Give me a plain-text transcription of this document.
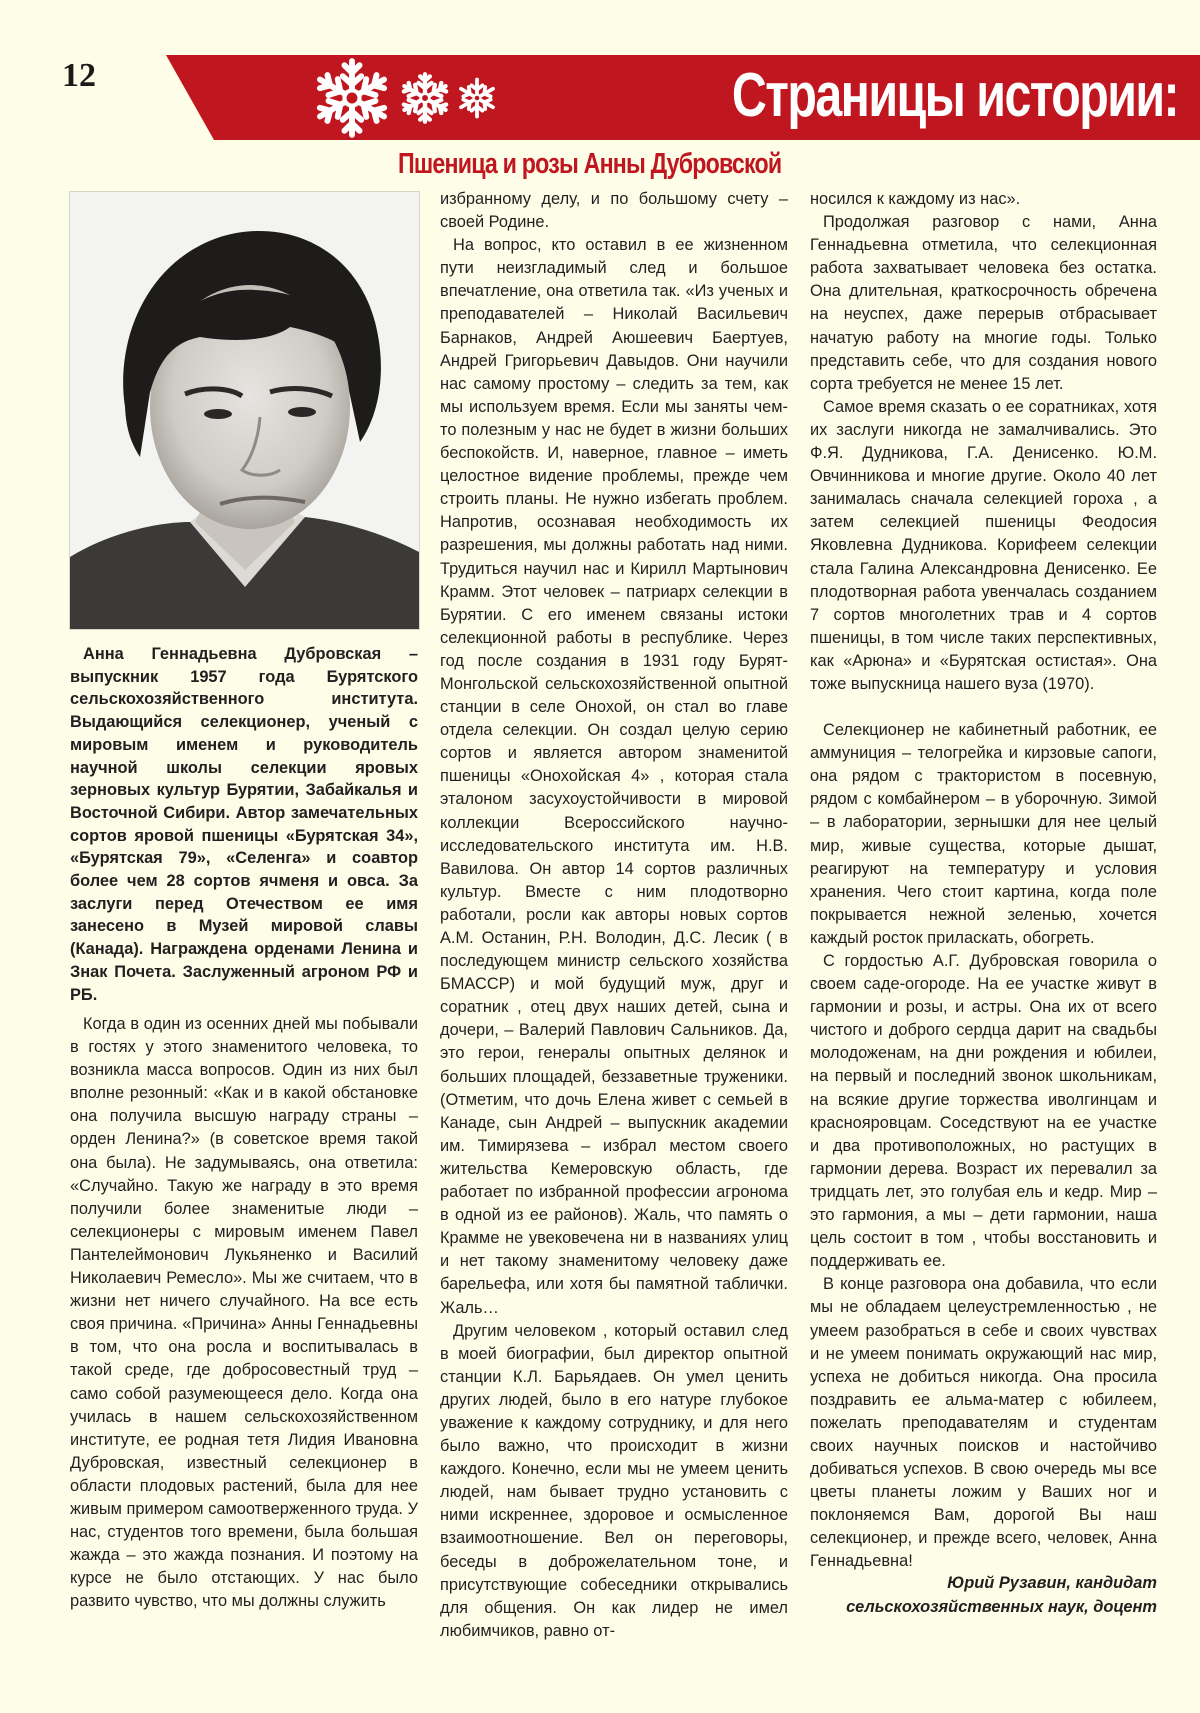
12	Страницы истории:
Пшеница и розы Анны Дубровской

Анна Геннадьевна Дубровская – выпускник 1957 года Бурятского сельскохозяйственного института. Выдающийся селекционер, ученый с мировым именем и руководитель научной школы селекции яровых зерновых культур Бурятии, Забайкалья и Восточной Сибири. Автор замечательных сортов яровой пшеницы «Бурятская 34», «Бурятская 79», «Селенга» и соавтор более чем 28 сортов ячменя и овса. За заслуги перед Отечеством ее имя занесено в Музей мировой славы (Канада). Награждена орденами Ленина и Знак Почета. Заслуженный агроном РФ и РБ.

Когда в один из осенних дней мы побывали в гостях у этого знаменитого человека, то возникла масса вопросов. Один из них был вполне резонный: «Как и в какой обстановке она получила высшую награду страны – орден Ленина?» (в советское время такой она была). Не задумываясь, она ответила: «Случайно. Такую же награду в это время получили более знаменитые люди – селекционеры с мировым именем Павел Пантелеймонович Лукьяненко и Василий Николаевич Ремесло». Мы же считаем, что в жизни нет ничего случайного. На все есть своя причина. «Причина» Анны Геннадьевны в том, что она росла и воспитывалась в такой среде, где добросовестный труд – само собой разумеющееся дело. Когда она училась в нашем сельскохозяйственном институте, ее родная тетя Лидия Ивановна Дубровская, известный селекционер в области плодовых растений, была для нее живым примером самоотверженного труда. У нас, студентов того времени, была большая жажда – это жажда познания. И поэтому на курсе не было отстающих. У нас было развито чувство, что мы должны служить

избранному делу, и по большому счету – своей Родине.

На вопрос, кто оставил в ее жизненном пути неизгладимый след и большое впечатление, она ответила так. «Из ученых и преподавателей – Николай Васильевич Барнаков, Андрей Аюшеевич Баертуев, Андрей Григорьевич Давыдов. Они научили нас самому простому – следить за тем, как мы используем время. Если мы заняты чем-то полезным у нас не будет в жизни больших беспокойств. И, наверное, главное – иметь целостное видение проблемы, прежде чем строить планы. Не нужно избегать проблем. Напротив, осознавая необходимость их разрешения, мы должны работать над ними. Трудиться научил нас и Кирилл Мартынович Крамм. Этот человек – патриарх селекции в Бурятии. С его именем связаны истоки селекционной работы в республике. Через год после создания в 1931 году Бурят-Монгольской сельскохозяйственной опытной станции в селе Онохой, он стал во главе отдела селекции. Он создал целую серию сортов и является автором знаменитой пшеницы «Онохойская 4» , которая стала эталоном засухоустойчивости в мировой коллекции Всероссийского научно-исследовательского института им. Н.В. Вавилова. Он автор 14 сортов различных культур. Вместе с ним плодотворно работали, росли как авторы новых сортов А.М. Останин, Р.Н. Володин, Д.С. Лесик ( в последующем министр сельского хозяйства БМАССР) и мой будущий муж, друг и соратник , отец двух наших детей, сына и дочери, – Валерий Павлович Сальников. Да, это герои, генералы опытных делянок и больших площадей, беззаветные труженики. (Отметим, что дочь Елена живет с семьей в Канаде, сын Андрей – выпускник академии им. Тимирязева – избрал местом своего жительства Кемеровскую область, где работает по избранной профессии агронома в одной из ее районов). Жаль, что память о Крамме не увековечена ни в названиях улиц и нет такому знаменитому человеку даже барельефа, или хотя бы памятной таблички. Жаль…

Другим человеком , который оставил след в моей биографии, был директор опытной станции К.Л. Барьядаев. Он умел ценить других людей, было в его натуре глубокое уважение к каждому сотруднику, и для него было важно, что происходит в жизни каждого. Конечно, если мы не умеем ценить людей, нам бывает трудно установить с ними искреннее, здоровое и осмысленное взаимоотношение. Вел он переговоры, беседы в доброжелательном тоне, и присутствующие собеседники открывались для общения. Он как лидер не имел любимчиков, равно от-

носился к каждому из нас».

Продолжая разговор с нами, Анна Геннадьевна отметила, что селекционная работа захватывает человека без остатка. Она длительная, краткосрочность обречена на неуспех, даже перерыв отбрасывает начатую работу на многие годы. Только представить себе, что для создания нового сорта требуется не менее 15 лет.

Самое время сказать о ее соратниках, хотя их заслуги никогда не замалчивались. Это Ф.Я. Дудникова, Г.А. Денисенко. Ю.М. Овчинникова и многие другие. Около 40 лет занималась сначала селекцией гороха , а затем селекцией пшеницы Феодосия Яковлевна Дудникова. Корифеем селекции стала Галина Александровна Денисенко. Ее плодотворная работа увенчалась созданием 7 сортов многолетних трав и 4 сортов пшеницы, в том числе таких перспективных, как «Арюна» и «Бурятская остистая». Она тоже выпускница нашего вуза (1970).

Селекционер не кабинетный работник, ее аммуниция – телогрейка и кирзовые сапоги, она рядом с трактористом в посевную, рядом с комбайнером – в уборочную. Зимой – в лаборатории, зернышки для нее целый мир, живые существа, которые дышат, реагируют на температуру и условия хранения. Чего стоит картина, когда поле покрывается нежной зеленью, хочется каждый росток приласкать, обогреть.

С гордостью А.Г. Дубровская говорила о своем саде-огороде. На ее участке живут в гармонии и розы, и астры. Она их от всего чистого и доброго сердца дарит на свадьбы молодоженам, на дни рождения и юбилеи, на первый и последний звонок школьникам, на всякие другие торжества иволгинцам и краснояровцам. Соседствуют на ее участке и два противоположных, но растущих в гармонии дерева. Возраст их перевалил за тридцать лет, это голубая ель и кедр. Мир – это гармония, а мы – дети гармонии, наша цель состоит в том , чтобы восстановить и поддерживать ее.

В конце разговора она добавила, что если мы не обладаем целеустремленностью , не умеем разобраться в себе и своих чувствах и не умеем понимать окружающий нас мир, успеха не добиться никогда. Она просила поздравить ее альма-матер с юбилеем, пожелать преподавателям и студентам своих научных поисков и настойчиво добиваться успехов. В свою очередь мы все цветы планеты ложим у Ваших ног и поклоняемся Вам, дорогой Вы наш селекционер, и прежде всего, человек, Анна Геннадьевна!

Юрий Рузавин, кандидат
сельскохозяйственных наук, доцент
